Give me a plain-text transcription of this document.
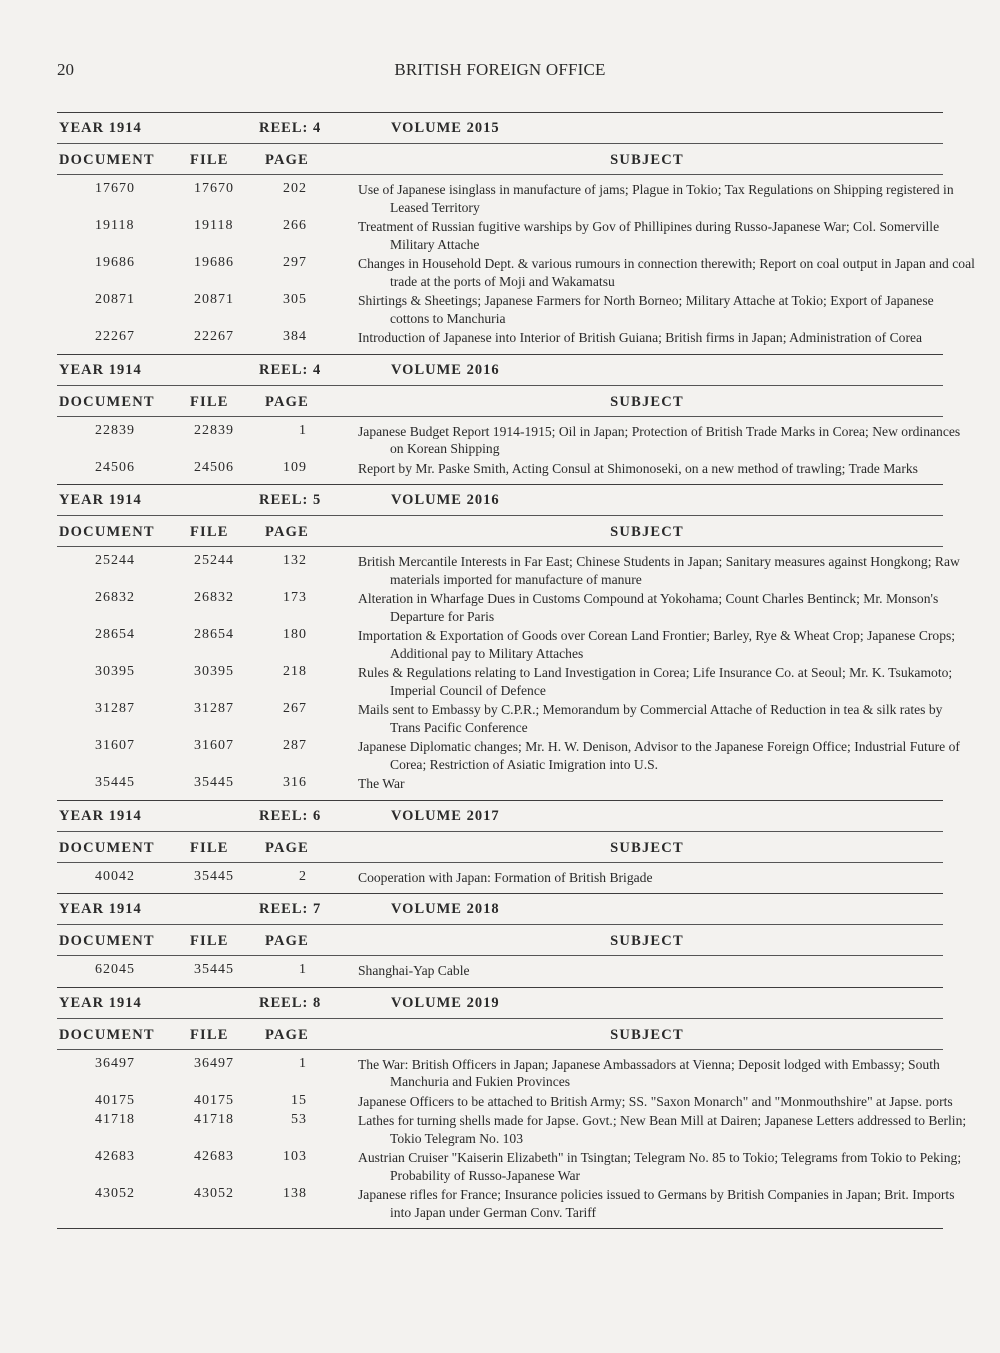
20	BRITISH FOREIGN OFFICE
YEAR 1914	REEL: 4	VOLUME 2015
DOCUMENT FILE	PAGE	SUBJECT
17670	17670	202	Use of Japanese isinglass in manufacture of jams; Plague in Tokio; Tax Regulations on Shipping registered in Leased Territory
19118	19118	266	Treatment of Russian fugitive warships by Gov of Phillipines during Russo-Japanese War; Col. Somerville Military Attache
19686	19686	297	Changes in Household Dept. & various rumours in connection therewith; Report on coal output in Japan and coal trade at the ports of Moji and Wakamatsu
20871	20871	305	Shirtings & Sheetings; Japanese Farmers for North Borneo; Military Attache at Tokio; Export of Japanese cottons to Manchuria
22267	22267	384	Introduction of Japanese into Interior of British Guiana; British firms in Japan; Administration of Corea
YEAR 1914	REEL: 4	VOLUME 2016
DOCUMENT FILE	PAGE	SUBJECT
22839	22839	1	Japanese Budget Report 1914-1915; Oil in Japan; Protection of British Trade Marks in Corea; New ordinances on Korean Shipping
24506	24506	109	Report by Mr. Paske Smith, Acting Consul at Shimonoseki, on a new method of trawling; Trade Marks
YEAR 1914	REEL: 5	VOLUME 2016
DOCUMENT FILE	PAGE	SUBJECT
25244	25244	132	British Mercantile Interests in Far East; Chinese Students in Japan; Sanitary measures against Hongkong; Raw materials imported for manufacture of manure
26832	26832	173	Alteration in Wharfage Dues in Customs Compound at Yokohama; Count Charles Bentinck; Mr. Monson's Departure for Paris
28654	28654	180	Importation & Exportation of Goods over Corean Land Frontier; Barley, Rye & Wheat Crop; Japanese Crops; Additional pay to Military Attaches
30395	30395	218	Rules & Regulations relating to Land Investigation in Corea; Life Insurance Co. at Seoul; Mr. K. Tsukamoto; Imperial Council of Defence
31287	31287	267	Mails sent to Embassy by C.P.R.; Memorandum by Commercial Attache of Reduction in tea & silk rates by Trans Pacific Conference
31607	31607	287	Japanese Diplomatic changes; Mr. H. W. Denison, Advisor to the Japanese Foreign Office; Industrial Future of Corea; Restriction of Asiatic Imigration into U.S.
35445	35445	316	The War
YEAR 1914	REEL: 6	VOLUME 2017
DOCUMENT FILE	PAGE	SUBJECT
40042	35445	2	Cooperation with Japan: Formation of British Brigade
YEAR 1914	REEL: 7	VOLUME 2018
DOCUMENT FILE	PAGE	SUBJECT
62045	35445	1	Shanghai-Yap Cable
YEAR 1914	REEL: 8	VOLUME 2019
DOCUMENT FILE	PAGE	SUBJECT
36497	36497	1	The War: British Officers in Japan; Japanese Ambassadors at Vienna; Deposit lodged with Embassy; South Manchuria and Fukien Provinces
40175	40175	15	Japanese Officers to be attached to British Army; SS. "Saxon Monarch" and "Monmouthshire" at Japse. ports
41718	41718	53	Lathes for turning shells made for Japse. Govt.; New Bean Mill at Dairen; Japanese Letters addressed to Berlin; Tokio Telegram No. 103
42683	42683	103	Austrian Cruiser "Kaiserin Elizabeth" in Tsingtan; Telegram No. 85 to Tokio; Telegrams from Tokio to Peking; Probability of Russo-Japanese War
43052	43052	138	Japanese rifles for France; Insurance policies issued to Germans by British Companies in Japan; Brit. Imports into Japan under German Conv. Tariff
